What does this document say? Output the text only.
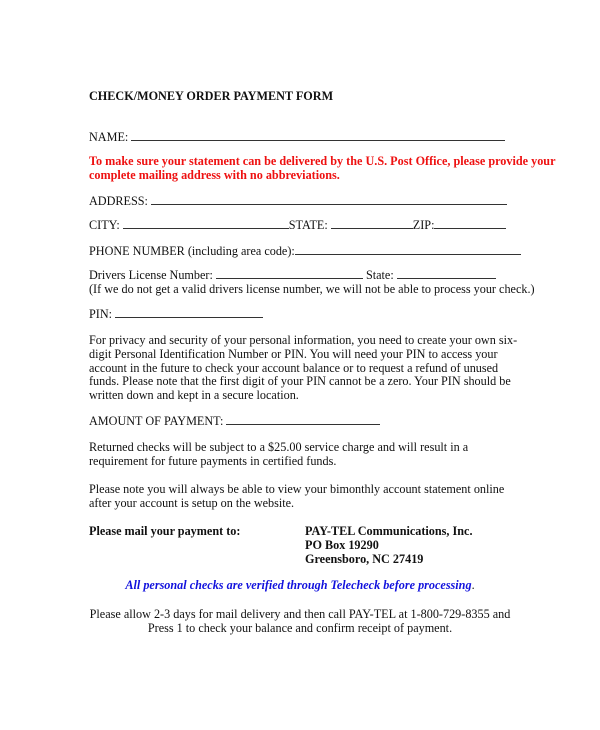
CHECK/MONEY ORDER PAYMENT FORM
NAME:
To make sure your statement can be delivered by the U.S. Post Office, please provide your
complete mailing address with no abbreviations.
ADDRESS:
CITY:	STATE:	ZIP:
PHONE NUMBER (including area code):
Drivers License Number:	State:
(If we do not get a valid drivers license number, we will not be able to process your check.)
PIN:
For privacy and security of your personal information, you need to create your own six-
digit Personal Identification Number or PIN. You will need your PIN to access your
account in the future to check your account balance or to request a refund of unused
funds. Please note that the first digit of your PIN cannot be a zero. Your PIN should be
written down and kept in a secure location.
AMOUNT OF PAYMENT:
Returned checks will be subject to a $25.00 service charge and will result in a
requirement for future payments in certified funds.
Please note you will always be able to view your bimonthly account statement online
after your account is setup on the website.
Please mail your payment to:	PAY-TEL Communications, Inc.
PO Box 19290
Greensboro, NC 27419
All personal checks are verified through Telecheck before processing.
Please allow 2-3 days for mail delivery and then call PAY-TEL at 1-800-729-8355 and
Press 1 to check your balance and confirm receipt of payment.
